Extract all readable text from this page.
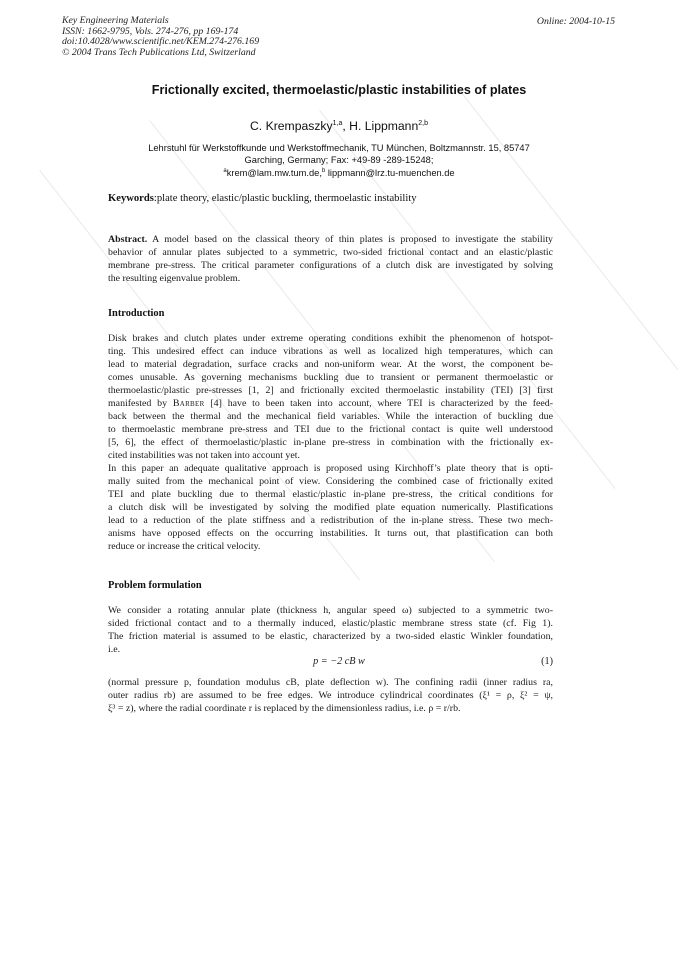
Key Engineering Materials
ISSN: 1662-9795, Vols. 274-276, pp 169-174
doi:10.4028/www.scientific.net/KEM.274-276.169
© 2004 Trans Tech Publications Ltd, Switzerland
Online: 2004-10-15
Frictionally excited, thermoelastic/plastic instabilities of plates
C. Krempaszky$^{1,a}$, H. Lippmann$^{2,b}$
Lehrstuhl für Werkstoffkunde und Werkstoffmechanik, TU München, Boltzmannstr. 15, 85747
Garching, Germany; Fax: +49-89 -289-15248;
$^a$krem@lam.mw.tum.de,$^b$ lippmann@lrz.tu-muenchen.de
Keywords:plate theory, elastic/plastic buckling, thermoelastic instability
Abstract. A model based on the classical theory of thin plates is proposed to investigate the stability
behavior of annular plates subjected to a symmetric, two-sided frictional contact and an elastic/plastic
membrane pre-stress. The critical parameter configurations of a clutch disk are investigated by solving
the resulting eigenvalue problem.
Introduction
Disk brakes and clutch plates under extreme operating conditions exhibit the phenomenon of hotspot-
ting. This undesired effect can induce vibrations as well as localized high temperatures, which can
lead to material degradation, surface cracks and non-uniform wear. At the worst, the component be-
comes unusable. As governing mechanisms buckling due to transient or permanent thermoelastic or
thermoelastic/plastic pre-stresses [1, 2] and frictionally excited thermoelastic instability (TEI) [3] first
manifested by Barber [4] have to been taken into account, where TEI is characterized by the feed-
back between the thermal and the mechanical field variables. While the interaction of buckling due
to thermoelastic membrane pre-stress and TEI due to the frictional contact is quite well understood
[5, 6], the effect of thermoelastic/plastic in-plane pre-stress in combination with the frictionally ex-
cited instabilities was not taken into account yet.
In this paper an adequate qualitative approach is proposed using Kirchhoff’s plate theory that is opti-
mally suited from the mechanical point of view. Considering the combined case of frictionally exited
TEI and plate buckling due to thermal elastic/plastic in-plane pre-stress, the critical conditions for
a clutch disk will be investigated by solving the modified plate equation numerically. Plastifications
lead to a reduction of the plate stiffness and a redistribution of the in-plane stress. These two mech-
anisms have opposed effects on the occurring instabilities. It turns out, that plastification can both
reduce or increase the critical velocity.
Problem formulation
We consider a rotating annular plate (thickness h, angular speed ω) subjected to a symmetric two-
sided frictional contact and to a thermally induced, elastic/plastic membrane stress state (cf. Fig 1).
The friction material is assumed to be elastic, characterized by a two-sided elastic Winkler foundation,
i.e.
p = −2 cB w	(1)
(normal pressure p, foundation modulus cB, plate deflection w). The confining radii (inner radius ra,
outer radius rb) are assumed to be free edges. We introduce cylindrical coordinates (ξ¹ = ρ, ξ² = ψ,
ξ³ = z), where the radial coordinate r is replaced by the dimensionless radius, i.e. ρ = r/rb.
